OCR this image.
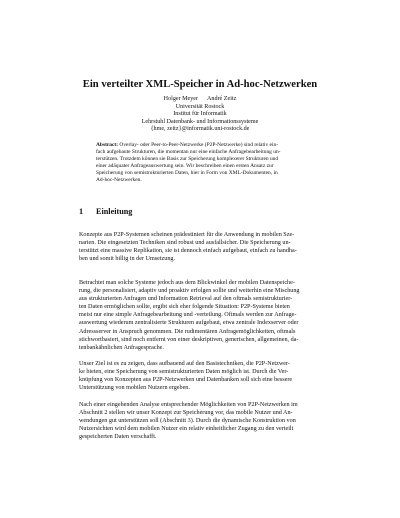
Ein verteilter XML-Speicher in Ad-hoc-Netzwerken
Holger Meyer André Zeitz
Universität Rostock
Institut für Informatik
Lehrstuhl Datenbank- und Informationssysteme
{hme, zeitz}@informatik.uni-rostock.de
Abstract: Overlay- oder Peer-to-Peer-Netzwerke (P2P-Netzwerke) sind relativ ein-
fach aufgebaute Strukturen, die momentan nur eine einfache Anfragebearbeitung un-
terstützen. Trotzdem können sie Basis zur Speicherung komplexerer Strukturen und
einer adäquater Anfrageauswertung sein. Wir beschreiben einen ersten Ansatz zur
Speicherung von semistrukturierten Daten, hier in Form von XML-Dokumenten, in
Ad-hoc-Netzwerken.
1 Einleitung
Konzepte aus P2P-Systemen scheinen prädestiniert für die Anwendung in mobilen Sze-
narien. Die eingesetzten Techniken sind robust und ausfallsicher. Die Speicherung un-
terstützt eine massive Replikation, sie ist dennoch einfach aufgebaut, einfach zu handha-
ben und somit billig in der Umsetzung.
Betrachtet man solche Systeme jedoch aus dem Blickwinkel der mobilen Datenspeiche-
rung, die personalisiert, adaptiv und proaktiv erfolgen sollte und weiterhin eine Mischung
aus strukturierten Anfragen und Information Retrieval auf den oftmals semistrukturier-
ten Daten ermöglichen sollte, ergibt sich eher folgende Situation: P2P-Systeme bieten
meist nur eine simple Anfragebearbeitung und -verteilung. Oftmals werden zur Anfrage-
auswertung wiederum zentralisierte Strukturen aufgebaut, etwa zentrale Indexserver oder
Adressserver in Anspruch genommen. Die rudimentären Anfragemöglichkeiten, oftmals
stichwortbasiert, sind noch entfernt von einer deskriptiven, generischen, allgemeinen, da-
tenbankähnlichen Anfragesprache.
Unser Ziel ist es zu zeigen, dass aufbauend auf den Basistechniken, die P2P-Netzwer-
ke bieten, eine Speicherung von semistrukturierten Daten möglich ist. Durch die Ver-
knüpfung von Konzepten aus P2P-Netzwerken und Datenbanken soll sich eine bessere
Unterstützung von mobilen Nutzern ergeben.
Nach einer eingehenden Analyse entsprechender Möglichkeiten von P2P-Netzwerken im
Abschnitt 2 stellen wir unser Konzept zur Speicherung vor, das mobile Nutzer und An-
wendungen gut unterstützen soll (Abschnitt 3). Durch die dynamische Konstruktion von
Nutzersichten wird dem mobilen Nutzer ein relativ einheitlicher Zugang zu den verteilt
gespeicherten Daten verschafft.
